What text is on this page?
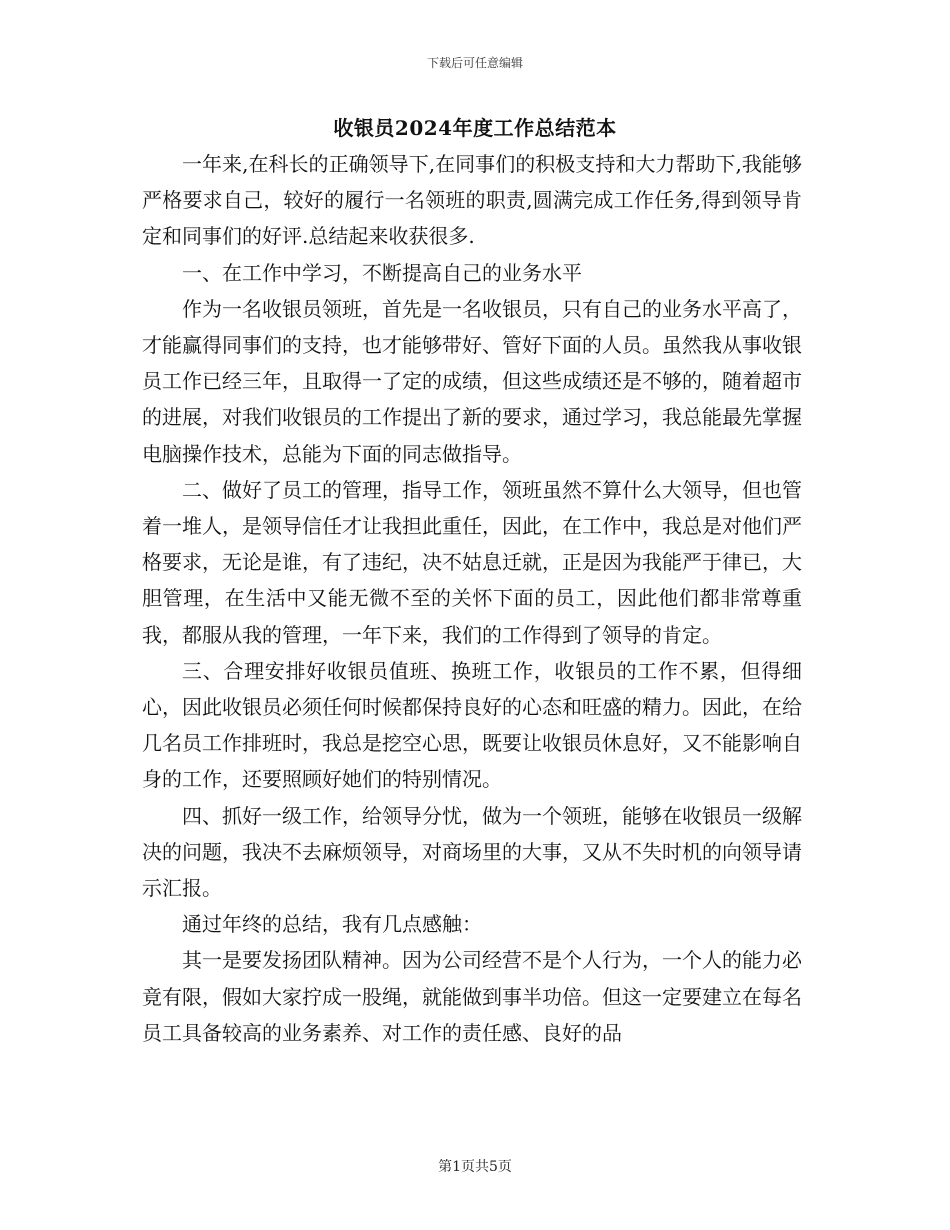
下载后可任意编辑
收银员2024年度工作总结范本

一年来,在科长的正确领导下,在同事们的积极支持和大力帮助下,我能够严格要求自己，较好的履行一名领班的职责,圆满完成工作任务,得到领导肯定和同事们的好评.总结起来收获很多.

一、在工作中学习，不断提高自己的业务水平

作为一名收银员领班，首先是一名收银员，只有自己的业务水平高了，才能赢得同事们的支持，也才能够带好、管好下面的人员。虽然我从事收银员工作已经三年，且取得一了定的成绩，但这些成绩还是不够的，随着超市的进展，对我们收银员的工作提出了新的要求，通过学习，我总能最先掌握电脑操作技术，总能为下面的同志做指导。

二、做好了员工的管理，指导工作，领班虽然不算什么大领导，但也管着一堆人，是领导信任才让我担此重任，因此，在工作中，我总是对他们严格要求，无论是谁，有了违纪，决不姑息迁就，正是因为我能严于律已，大胆管理，在生活中又能无微不至的关怀下面的员工，因此他们都非常尊重我，都服从我的管理，一年下来，我们的工作得到了领导的肯定。

三、合理安排好收银员值班、换班工作，收银员的工作不累，但得细心，因此收银员必须任何时候都保持良好的心态和旺盛的精力。因此，在给几名员工作排班时，我总是挖空心思，既要让收银员休息好，又不能影响自身的工作，还要照顾好她们的特别情况。

四、抓好一级工作，给领导分忧，做为一个领班，能够在收银员一级解决的问题，我决不去麻烦领导，对商场里的大事，又从不失时机的向领导请示汇报。

通过年终的总结，我有几点感触：

其一是要发扬团队精神。因为公司经营不是个人行为，一个人的能力必竟有限，假如大家拧成一股绳，就能做到事半功倍。但这一定要建立在每名员工具备较高的业务素养、对工作的责任感、良好的品

第1页共5页
